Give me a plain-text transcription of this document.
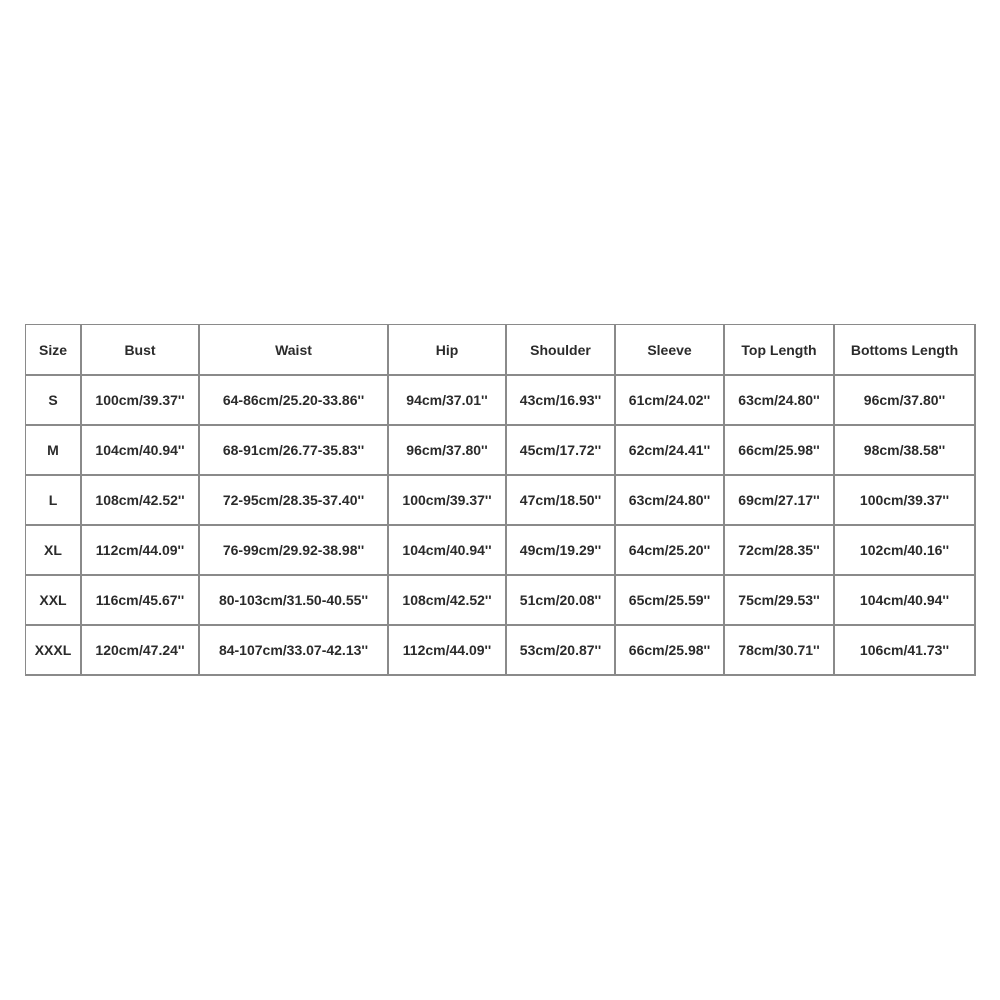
Size	Bust	Waist	Hip	Shoulder	Sleeve	Top Length	Bottoms Length
S	100cm/39.37''	64-86cm/25.20-33.86''	94cm/37.01''	43cm/16.93''	61cm/24.02''	63cm/24.80''	96cm/37.80''
M	104cm/40.94''	68-91cm/26.77-35.83''	96cm/37.80''	45cm/17.72''	62cm/24.41''	66cm/25.98''	98cm/38.58''
L	108cm/42.52''	72-95cm/28.35-37.40''	100cm/39.37''	47cm/18.50''	63cm/24.80''	69cm/27.17''	100cm/39.37''
XL	112cm/44.09''	76-99cm/29.92-38.98''	104cm/40.94''	49cm/19.29''	64cm/25.20''	72cm/28.35''	102cm/40.16''
XXL	116cm/45.67''	80-103cm/31.50-40.55''	108cm/42.52''	51cm/20.08''	65cm/25.59''	75cm/29.53''	104cm/40.94''
XXXL	120cm/47.24''	84-107cm/33.07-42.13''	112cm/44.09''	53cm/20.87''	66cm/25.98''	78cm/30.71''	106cm/41.73''
